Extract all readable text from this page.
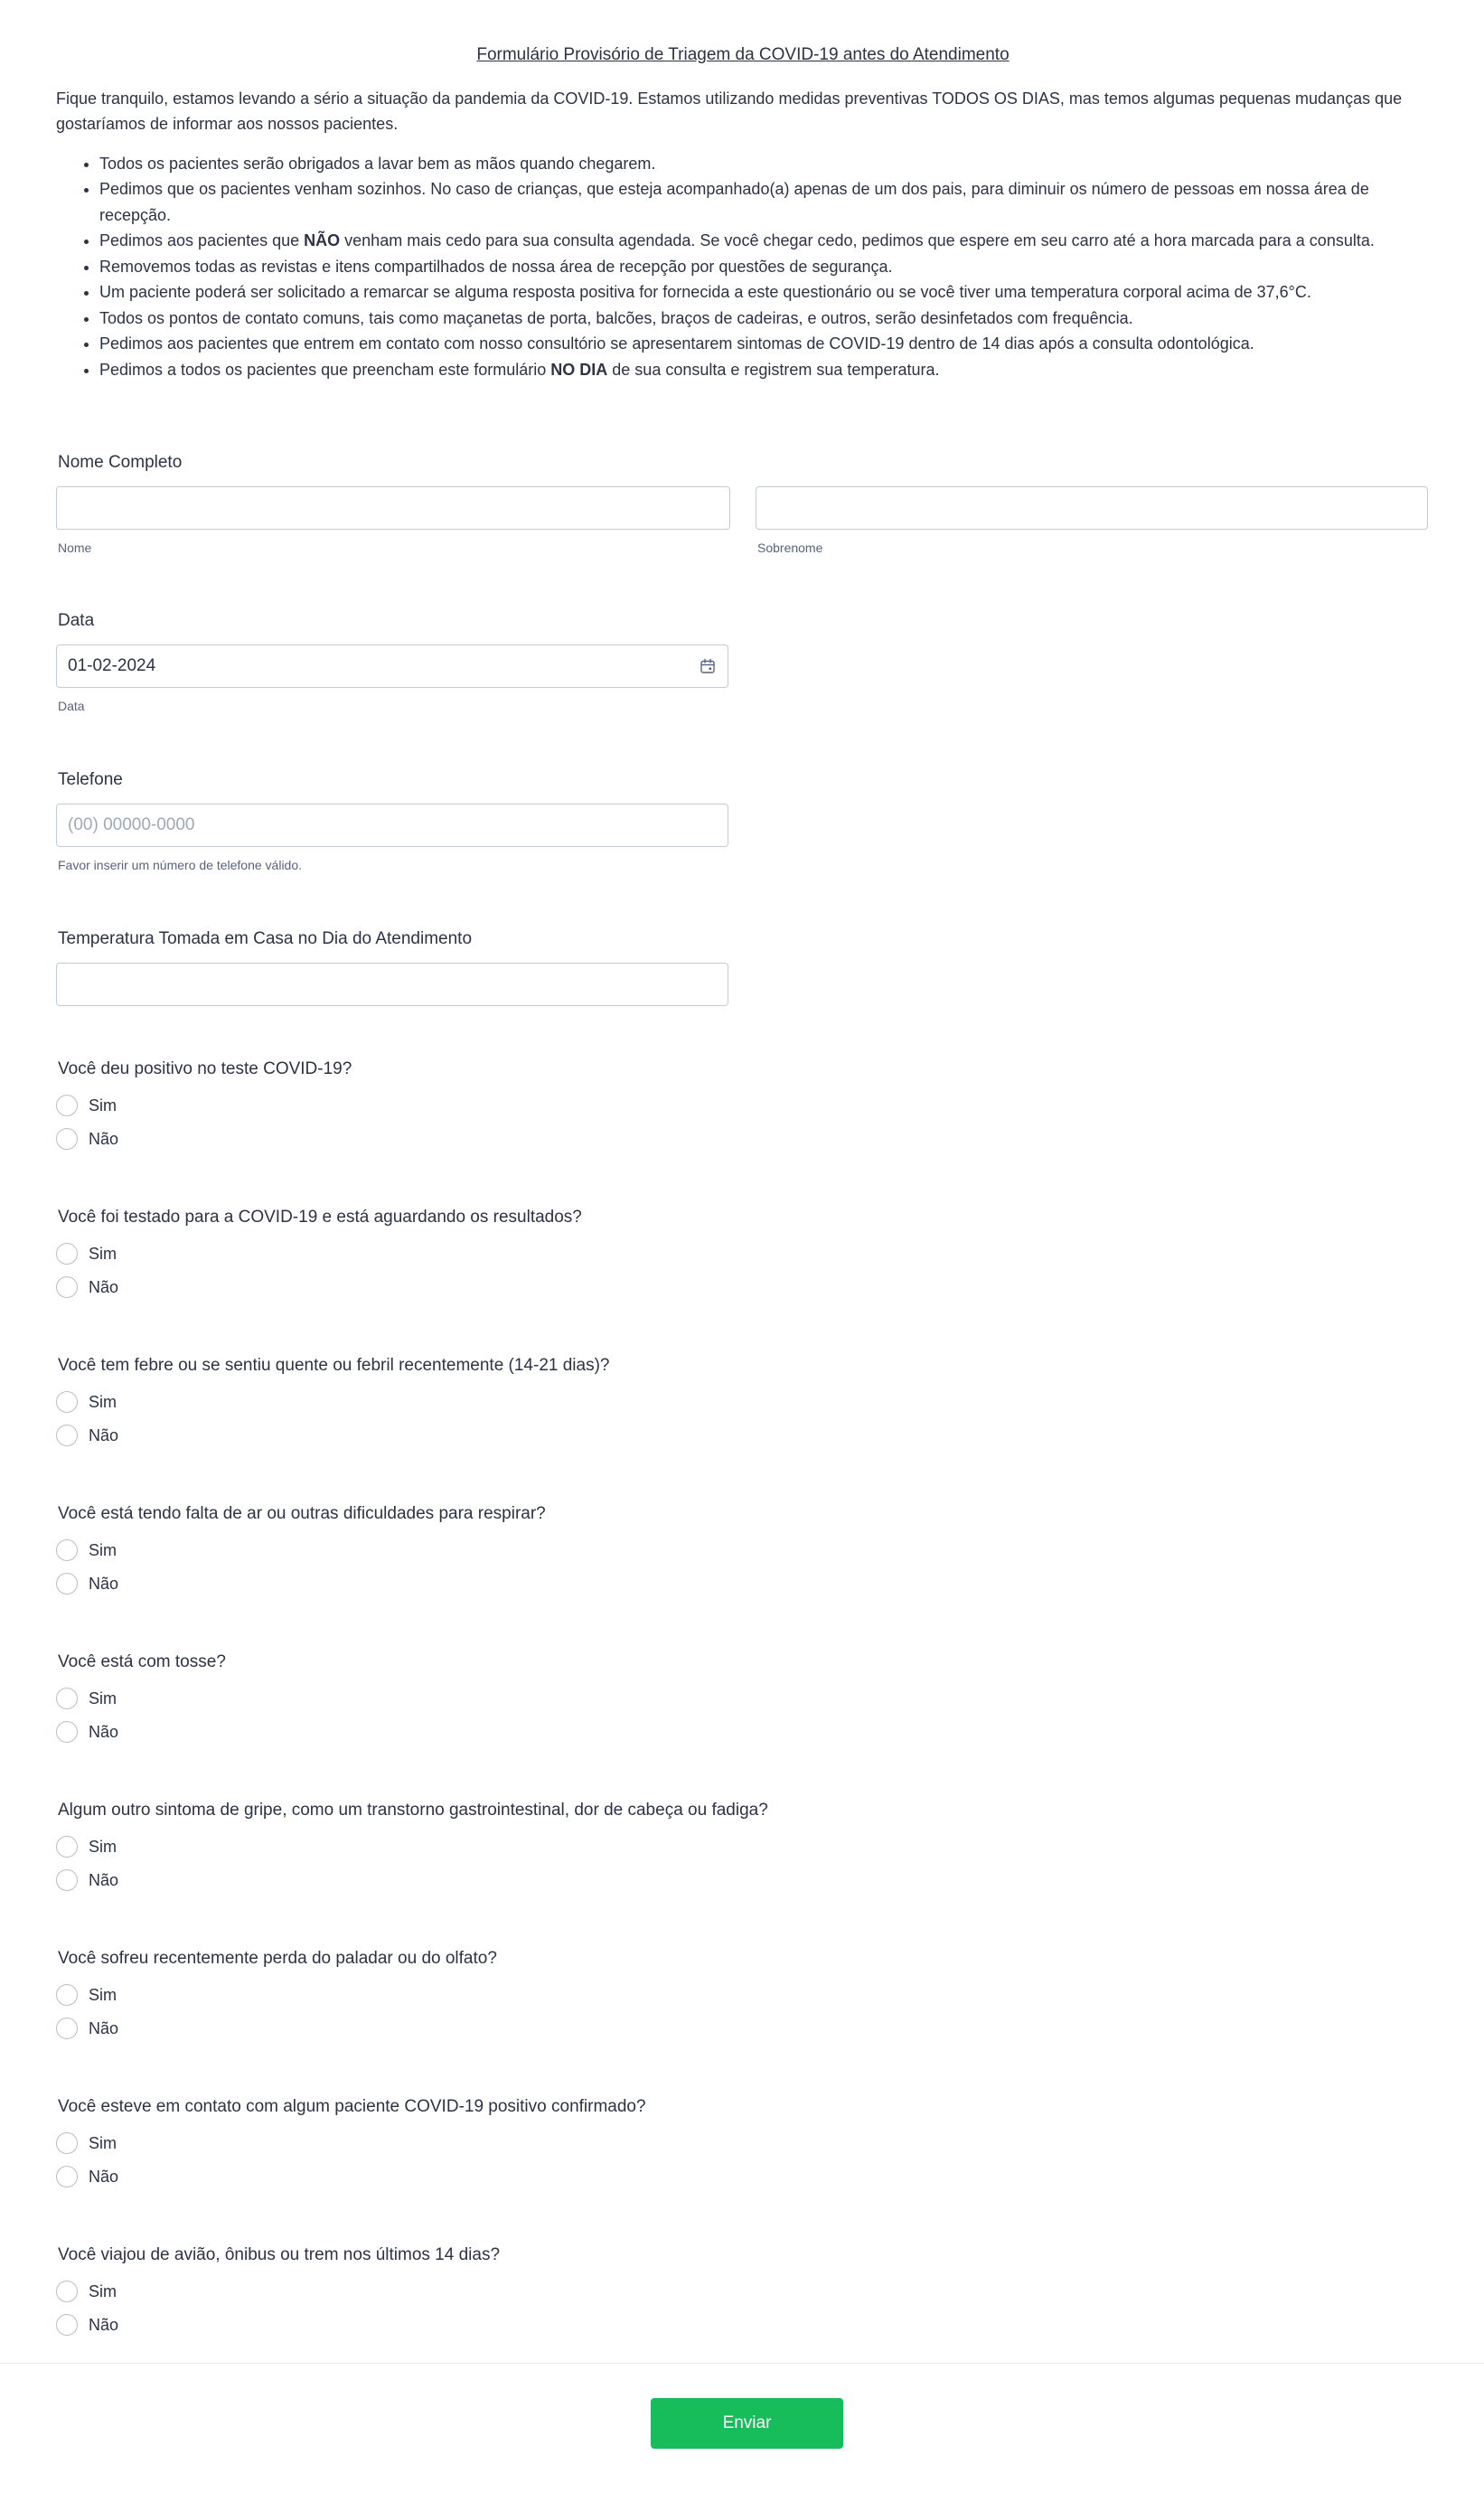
Formulário Provisório de Triagem da COVID-19 antes do Atendimento

Fique tranquilo, estamos levando a sério a situação da pandemia da COVID-19. Estamos utilizando medidas preventivas TODOS OS DIAS, mas temos algumas pequenas mudanças que gostaríamos de informar aos nossos pacientes.

• Todos os pacientes serão obrigados a lavar bem as mãos quando chegarem.
• Pedimos que os pacientes venham sozinhos. No caso de crianças, que esteja acompanhado(a) apenas de um dos pais, para diminuir os número de pessoas em nossa área de recepção.
• Pedimos aos pacientes que NÃO venham mais cedo para sua consulta agendada. Se você chegar cedo, pedimos que espere em seu carro até a hora marcada para a consulta.
• Removemos todas as revistas e itens compartilhados de nossa área de recepção por questões de segurança.
• Um paciente poderá ser solicitado a remarcar se alguma resposta positiva for fornecida a este questionário ou se você tiver uma temperatura corporal acima de 37,6°C.
• Todos os pontos de contato comuns, tais como maçanetas de porta, balcões, braços de cadeiras, e outros, serão desinfetados com frequência.
• Pedimos aos pacientes que entrem em contato com nosso consultório se apresentarem sintomas de COVID-19 dentro de 14 dias após a consulta odontológica.
• Pedimos a todos os pacientes que preencham este formulário NO DIA de sua consulta e registrem sua temperatura.
Nome Completo
Nome	Sobrenome
Data
01-02-2024
Data
Telefone
(00) 00000-0000
Favor inserir um número de telefone válido.
Temperatura Tomada em Casa no Dia do Atendimento
Você deu positivo no teste COVID-19?
Sim
Não
Você foi testado para a COVID-19 e está aguardando os resultados?
Sim
Não
Você tem febre ou se sentiu quente ou febril recentemente (14-21 dias)?
Sim
Não
Você está tendo falta de ar ou outras dificuldades para respirar?
Sim
Não
Você está com tosse?
Sim
Não
Algum outro sintoma de gripe, como um transtorno gastrointestinal, dor de cabeça ou fadiga?
Sim
Não
Você sofreu recentemente perda do paladar ou do olfato?
Sim
Não
Você esteve em contato com algum paciente COVID-19 positivo confirmado?
Sim
Não
Você viajou de avião, ônibus ou trem nos últimos 14 dias?
Sim
Não
Enviar
